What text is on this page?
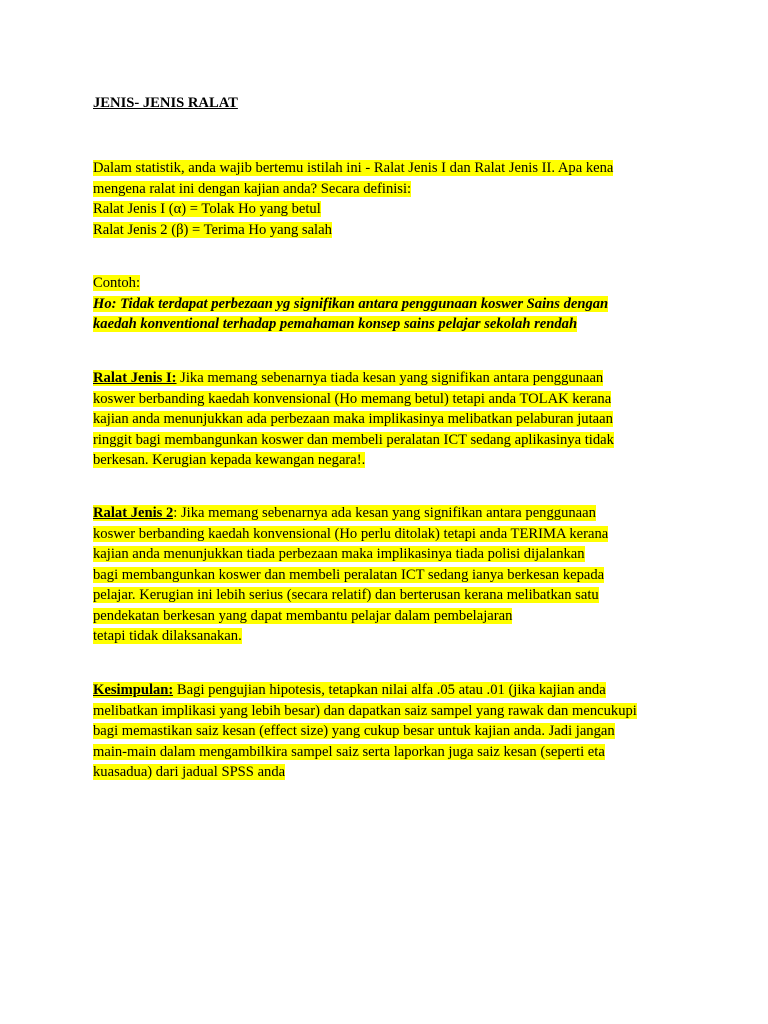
JENIS- JENIS RALAT
Dalam statistik, anda wajib bertemu istilah ini - Ralat Jenis I dan Ralat Jenis II. Apa kena
mengena ralat ini dengan kajian anda? Secara definisi:
Ralat Jenis I (α) = Tolak Ho yang betul
Ralat Jenis 2 (β) = Terima Ho yang salah
Contoh:
Ho: Tidak terdapat perbezaan yg signifikan antara penggunaan koswer Sains dengan
kaedah konventional terhadap pemahaman konsep sains pelajar sekolah rendah
Ralat Jenis I: Jika memang sebenarnya tiada kesan yang signifikan antara penggunaan
koswer berbanding kaedah konvensional (Ho memang betul) tetapi anda TOLAK kerana
kajian anda menunjukkan ada perbezaan maka implikasinya melibatkan pelaburan jutaan
ringgit bagi membangunkan koswer dan membeli peralatan ICT sedang aplikasinya tidak
berkesan. Kerugian kepada kewangan negara!.
Ralat Jenis 2: Jika memang sebenarnya ada kesan yang signifikan antara penggunaan
koswer berbanding kaedah konvensional (Ho perlu ditolak) tetapi anda TERIMA kerana
kajian anda menunjukkan tiada perbezaan maka implikasinya tiada polisi dijalankan
bagi membangunkan koswer dan membeli peralatan ICT sedang ianya berkesan kepada
pelajar. Kerugian ini lebih serius (secara relatif) dan berterusan kerana melibatkan satu
pendekatan berkesan yang dapat membantu pelajar dalam pembelajaran
tetapi tidak dilaksanakan.
Kesimpulan: Bagi pengujian hipotesis, tetapkan nilai alfa .05 atau .01 (jika kajian anda
melibatkan implikasi yang lebih besar) dan dapatkan saiz sampel yang rawak dan mencukupi
bagi memastikan saiz kesan (effect size) yang cukup besar untuk kajian anda. Jadi jangan
main-main dalam mengambilkira sampel saiz serta laporkan juga saiz kesan (seperti eta
kuasadua) dari jadual SPSS anda
